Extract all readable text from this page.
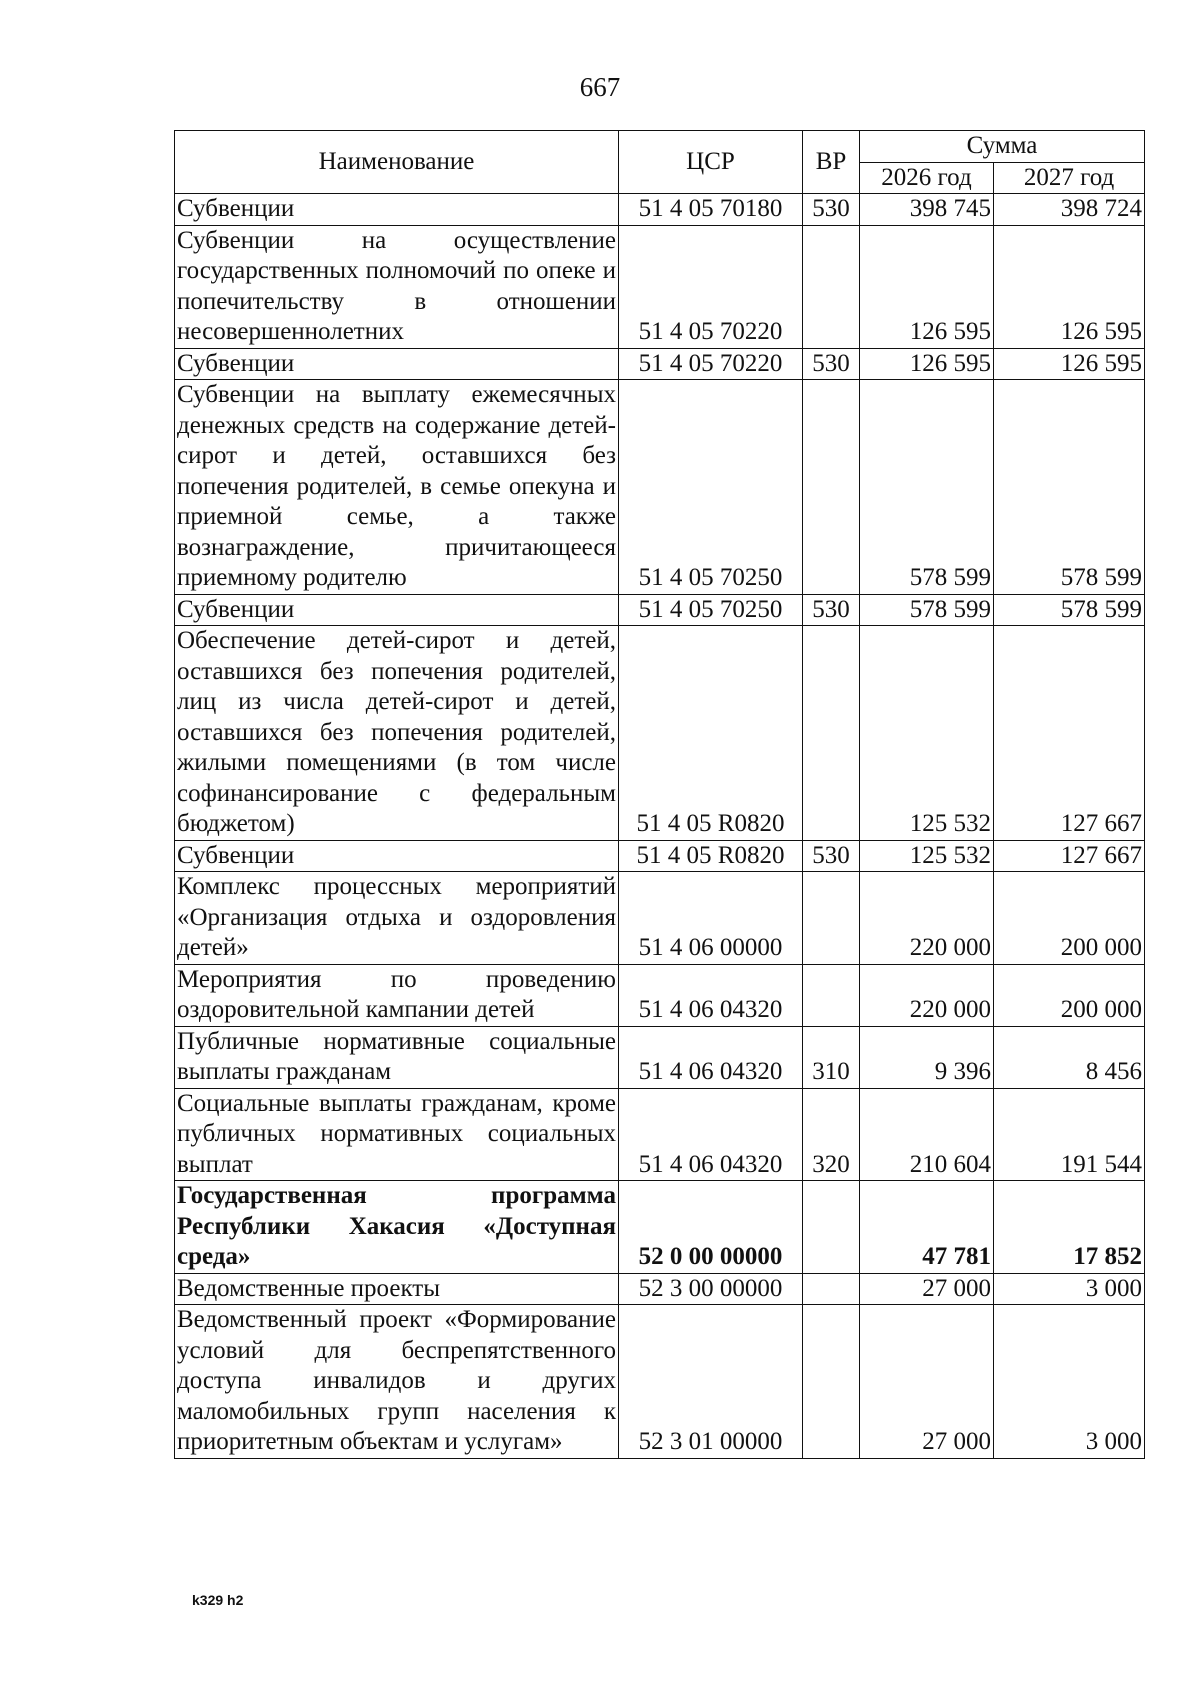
667
Наименование	ЦСР	ВР	Сумма	
			2026 год	2027 год
Субвенции	51 4 05 70180	530	398 745	398 724
Субвенции на осуществление государственных полномочий по опеке и попечительству в отношении несовершеннолетних	51 4 05 70220		126 595	126 595
Субвенции	51 4 05 70220	530	126 595	126 595
Субвенции на выплату ежемесячных денежных средств на содержание детей-сирот и детей, оставшихся без попечения родителей, в семье опекуна и приемной семье, а также вознаграждение, причитающееся приемному родителю	51 4 05 70250		578 599	578 599
Субвенции	51 4 05 70250	530	578 599	578 599
Обеспечение детей-сирот и детей, оставшихся без попечения родителей, лиц из числа детей-сирот и детей, оставшихся без попечения родителей, жилыми помещениями (в том числе софинансирование с федеральным бюджетом)	51 4 05 R0820		125 532	127 667
Субвенции	51 4 05 R0820	530	125 532	127 667
Комплекс процессных мероприятий «Организация отдыха и оздоровления детей»	51 4 06 00000		220 000	200 000
Мероприятия по проведению оздоровительной кампании детей	51 4 06 04320		220 000	200 000
Публичные нормативные социальные выплаты гражданам	51 4 06 04320	310	9 396	8 456
Социальные выплаты гражданам, кроме публичных нормативных социальных выплат	51 4 06 04320	320	210 604	191 544
Государственная программа Республики Хакасия «Доступная среда»	52 0 00 00000		47 781	17 852
Ведомственные проекты	52 3 00 00000		27 000	3 000
Ведомственный проект «Формирование условий для беспрепятственного доступа инвалидов и других маломобильных групп населения к приоритетным объектам и услугам»	52 3 01 00000		27 000	3 000
k329 h2
